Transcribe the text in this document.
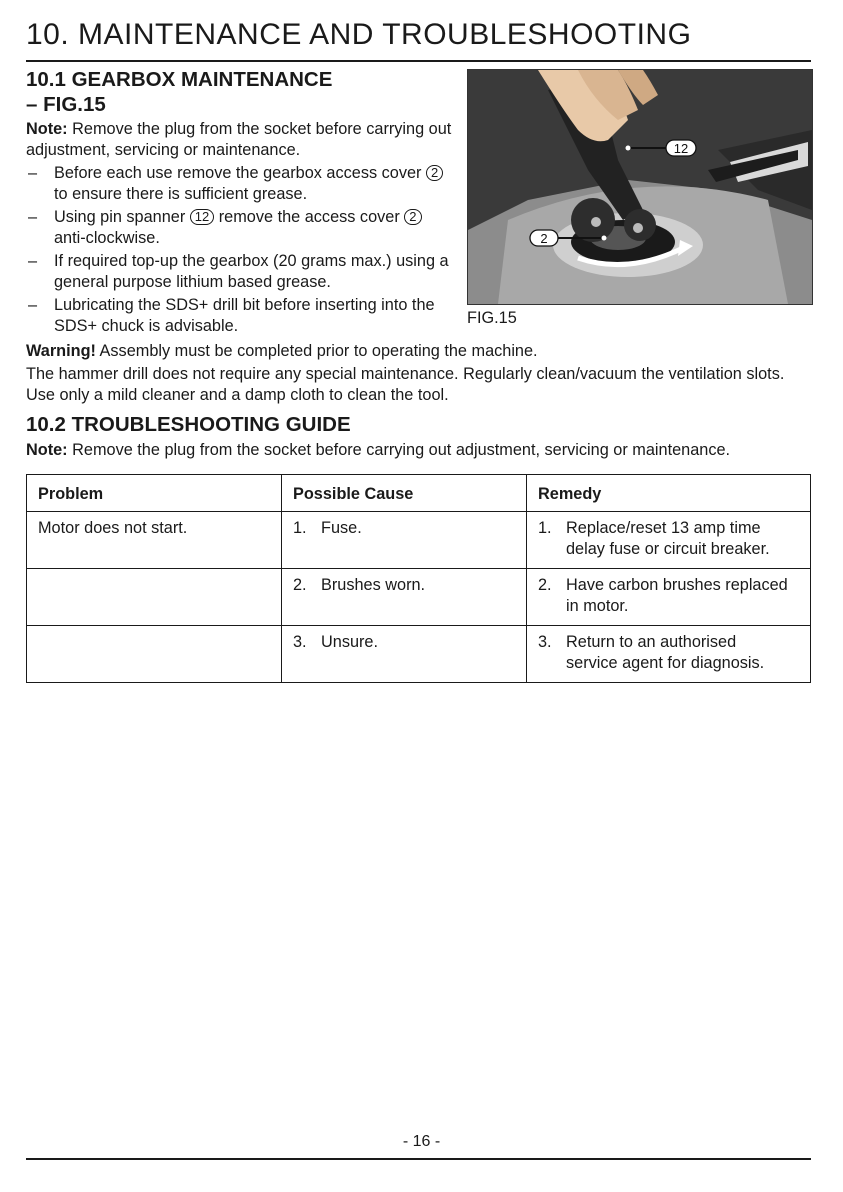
10. MAINTENANCE AND TROUBLESHOOTING
10.1 GEARBOX MAINTENANCE
– FIG.15
Note: Remove the plug from the socket before carrying out adjustment, servicing or maintenance.
– Before each use remove the gearbox access cover 2 to ensure there is sufficient grease.
– Using pin spanner 12 remove the access cover 2 anti-clockwise.
– If required top-up the gearbox (20 grams max.) using a general purpose lithium based grease.
– Lubricating the SDS+ drill bit before inserting into the SDS+ chuck is advisable.
12
2
FIG.15
Warning! Assembly must be completed prior to operating the machine.
The hammer drill does not require any special maintenance. Regularly clean/vacuum the ventilation slots. Use only a mild cleaner and a damp cloth to clean the tool.
10.2 TROUBLESHOOTING GUIDE
Note: Remove the plug from the socket before carrying out adjustment, servicing or maintenance.
Problem	Possible Cause	Remedy
Motor does not start.	1. Fuse.	1. Replace/reset 13 amp time delay fuse or circuit breaker.
	2. Brushes worn.	2. Have carbon brushes replaced in motor.
	3. Unsure.	3. Return to an authorised service agent for diagnosis.
- 16 -
